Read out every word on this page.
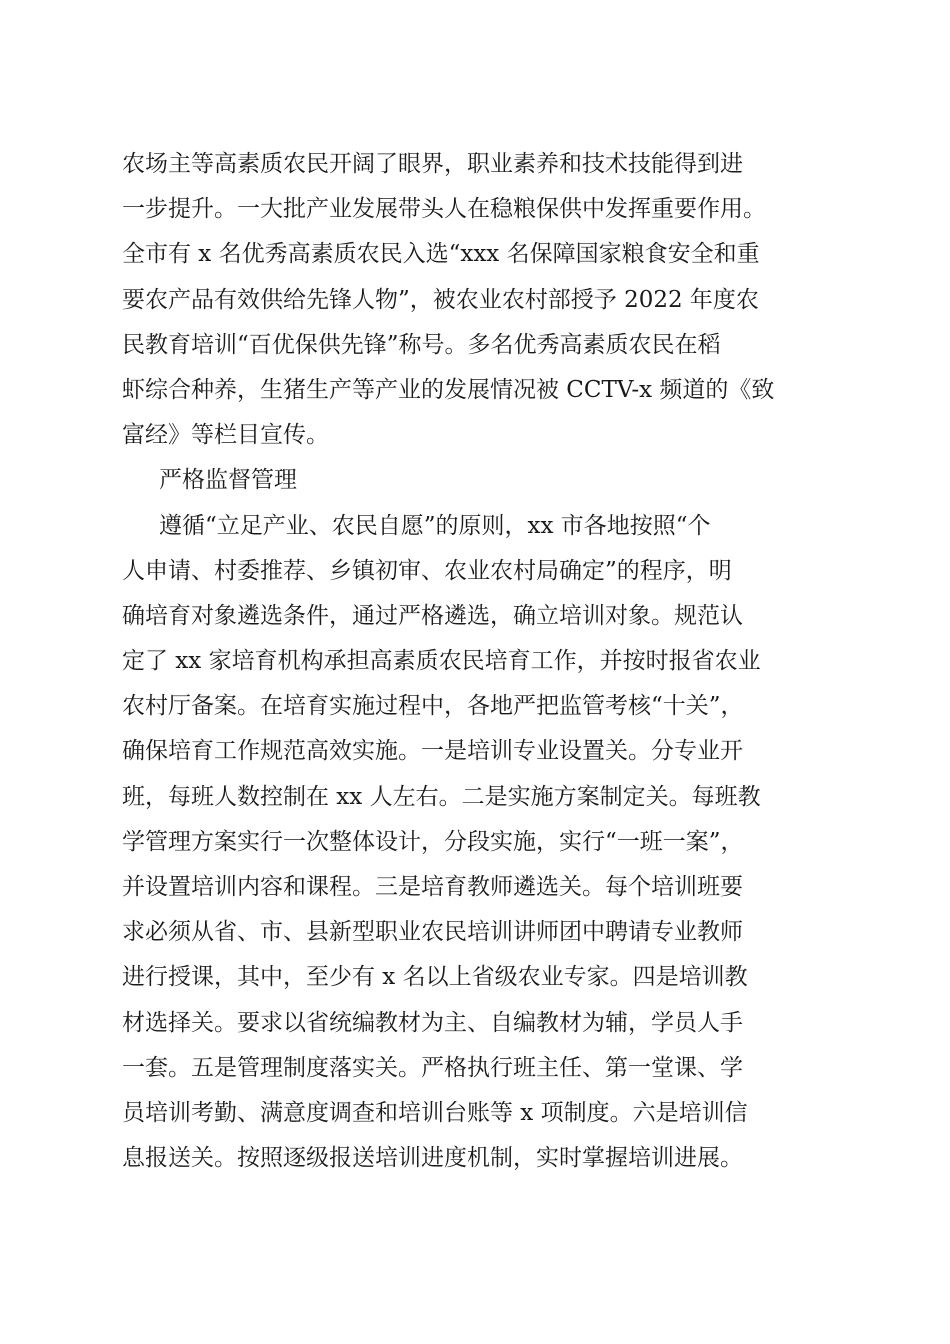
农场主等高素质农民开阔了眼界，职业素养和技术技能得到进
一步提升。一大批产业发展带头人在稳粮保供中发挥重要作用。
全市有 x 名优秀高素质农民入选“xxx 名保障国家粮食安全和重
要农产品有效供给先锋人物”，被农业农村部授予 2022 年度农
民教育培训“百优保供先锋”称号。多名优秀高素质农民在稻
虾综合种养，生猪生产等产业的发展情况被 CCTV-x 频道的《致
富经》等栏目宣传。
严格监督管理
遵循“立足产业、农民自愿”的原则，xx 市各地按照“个
人申请、村委推荐、乡镇初审、农业农村局确定”的程序，明
确培育对象遴选条件，通过严格遴选，确立培训对象。规范认
定了 xx 家培育机构承担高素质农民培育工作，并按时报省农业
农村厅备案。在培育实施过程中，各地严把监管考核“十关”，
确保培育工作规范高效实施。一是培训专业设置关。分专业开
班，每班人数控制在 xx 人左右。二是实施方案制定关。每班教
学管理方案实行一次整体设计，分段实施，实行“一班一案”，
并设置培训内容和课程。三是培育教师遴选关。每个培训班要
求必须从省、市、县新型职业农民培训讲师团中聘请专业教师
进行授课，其中，至少有 x 名以上省级农业专家。四是培训教
材选择关。要求以省统编教材为主、自编教材为辅，学员人手
一套。五是管理制度落实关。严格执行班主任、第一堂课、学
员培训考勤、满意度调查和培训台账等 x 项制度。六是培训信
息报送关。按照逐级报送培训进度机制，实时掌握培训进展。
